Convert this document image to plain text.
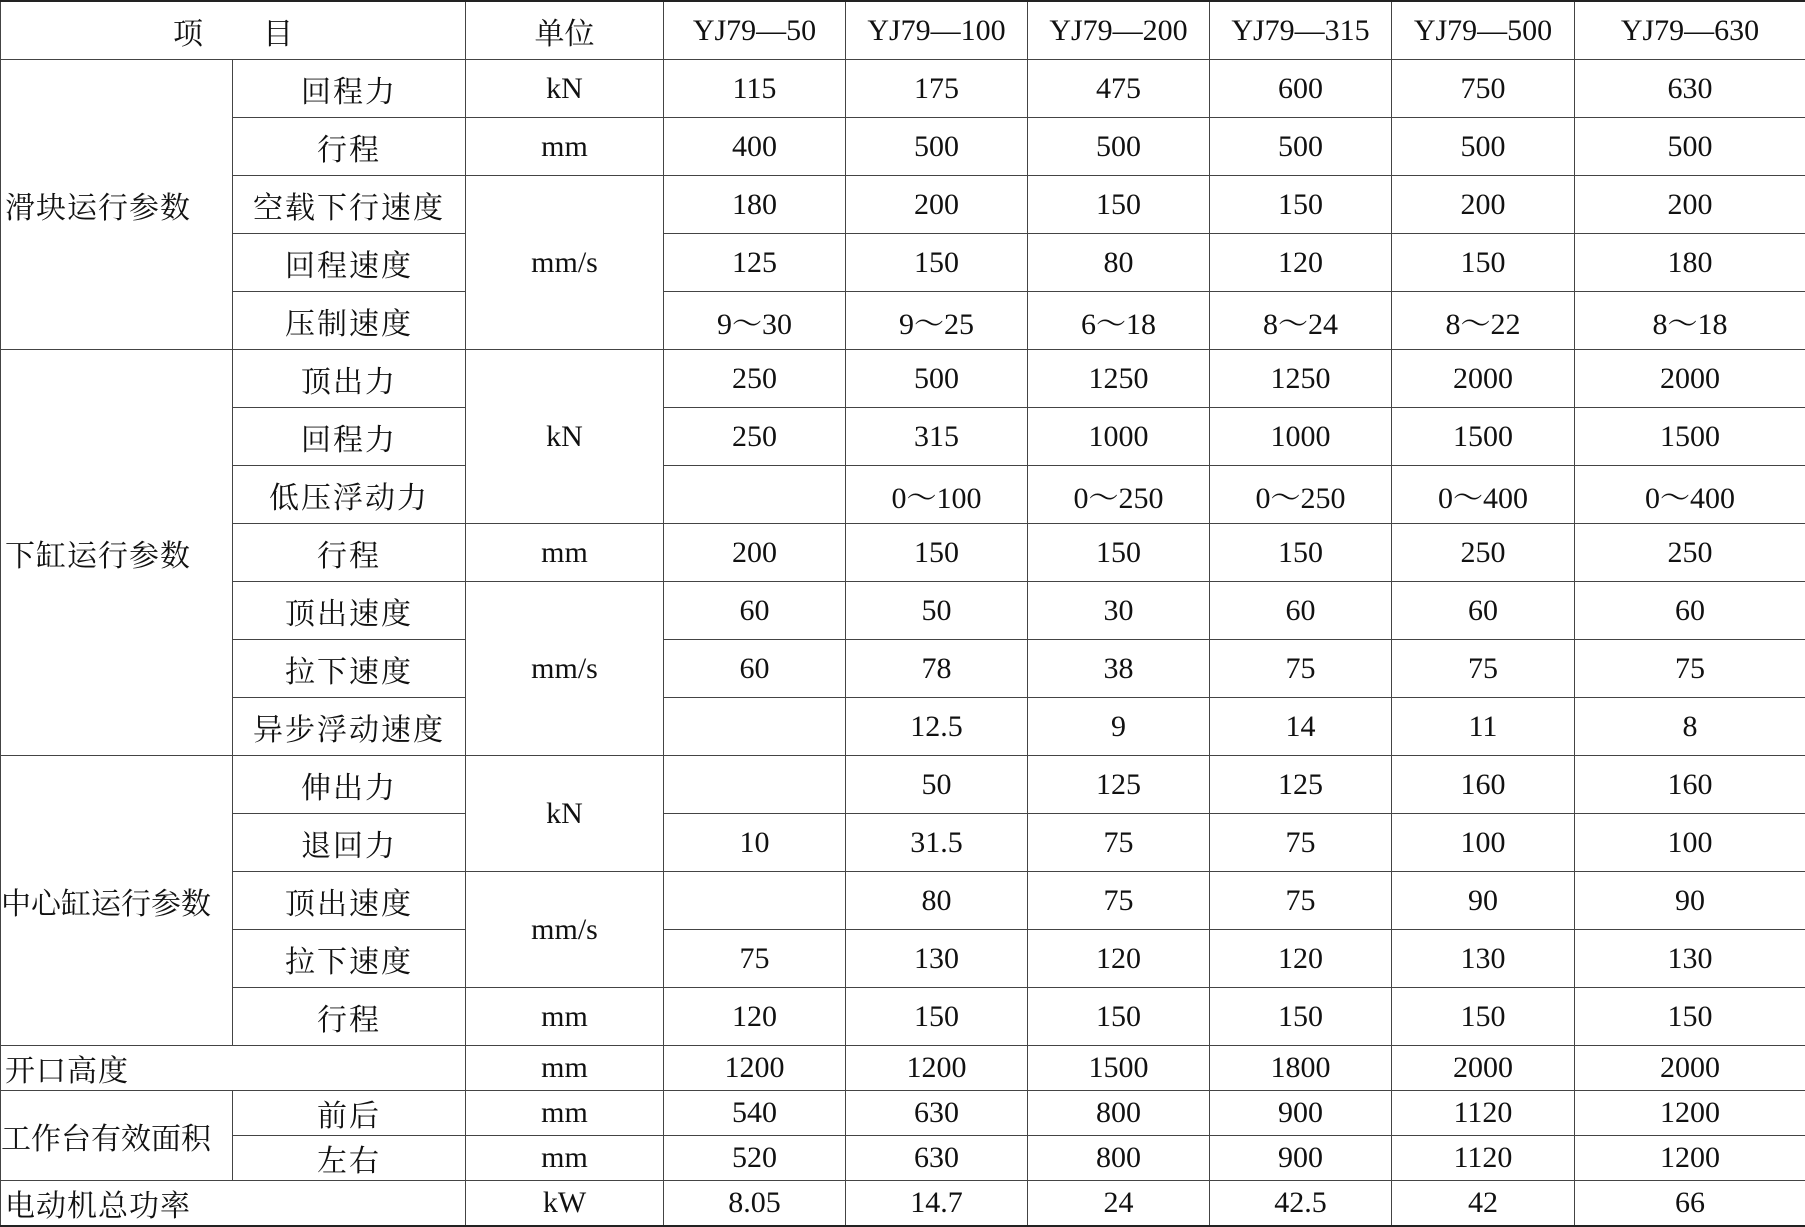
项　　目		单位	YJ79—50	YJ79—100	YJ79—200	YJ79—315	YJ79—500	YJ79—630
滑块运行参数	回程力	kN	115	175	475	600	750	630
	行程	mm	400	500	500	500	500	500
	空载下行速度	mm/s	180	200	150	150	200	200
	回程速度		125	150	80	120	150	180
	压制速度		9～30	9～25	6～18	8～24	8～22	8～18
下缸运行参数	顶出力	kN	250	500	1250	1250	2000	2000
	回程力		250	315	1000	1000	1500	1500
	低压浮动力			0～100	0～250	0～250	0～400	0～400
	行程	mm	200	150	150	150	250	250
	顶出速度	mm/s	60	50	30	60	60	60
	拉下速度		60	78	38	75	75	75
	异步浮动速度			12.5	9	14	11	8
中心缸运行参数	伸出力	kN		50	125	125	160	160
	退回力		10	31.5	75	75	100	100
	顶出速度	mm/s		80	75	75	90	90
	拉下速度		75	130	120	120	130	130
	行程	mm	120	150	150	150	150	150
开口高度		mm	1200	1200	1500	1800	2000	2000
工作台有效面积	前后	mm	540	630	800	900	1120	1200
	左右	mm	520	630	800	900	1120	1200
电动机总功率		kW	8.05	14.7	24	42.5	42	66
